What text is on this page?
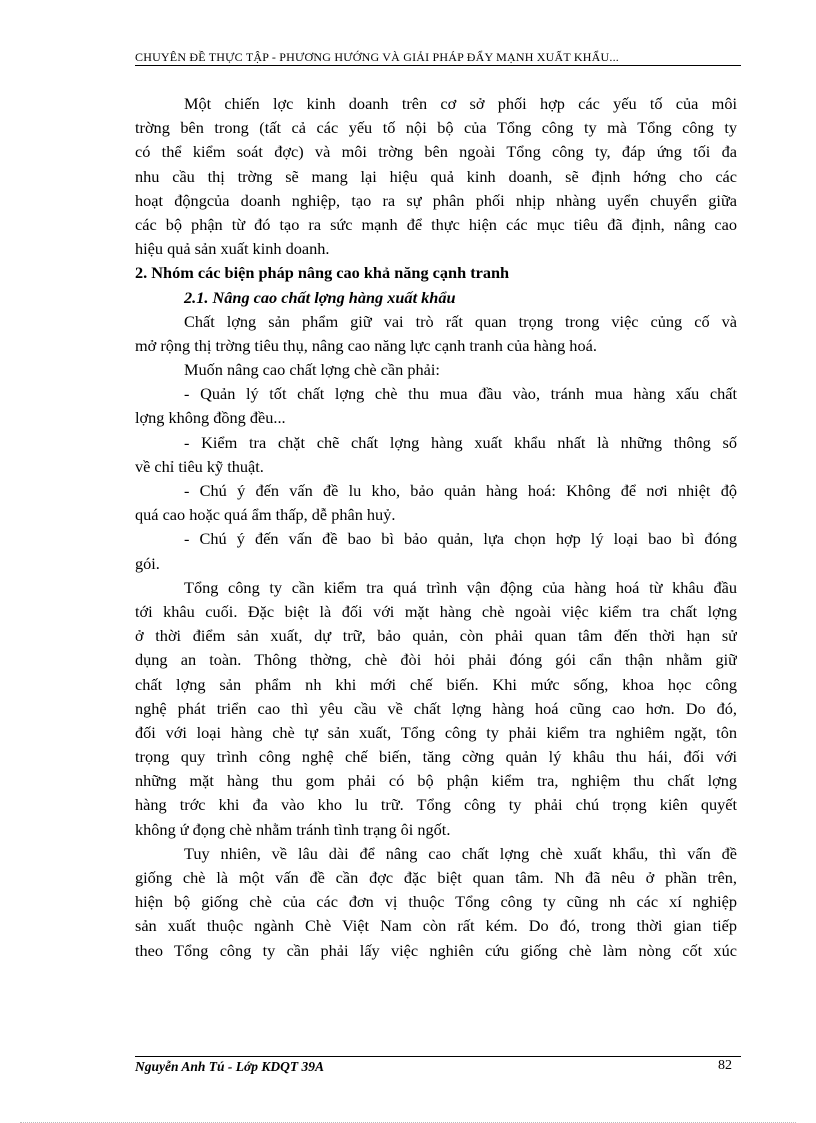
CHUYÊN ĐỀ THỰC TẬP - PHƯƠNG HƯỚNG VÀ GIẢI PHÁP ĐẨY MẠNH XUẤT KHẨU...
Một chiến lợc kinh doanh trên cơ sở phối hợp các yếu tố của môi
trờng bên trong (tất cả các yếu tố nội bộ của Tổng công ty mà Tổng công ty
có thể kiểm soát đợc) và môi trờng bên ngoài Tổng công ty, đáp ứng tối đa
nhu cầu thị trờng sẽ mang lại hiệu quả kinh doanh, sẽ định hớng cho các
hoạt độngcủa doanh nghiệp, tạo ra sự phân phối nhịp nhàng uyển chuyển giữa
các bộ phận từ đó tạo ra sức mạnh để thực hiện các mục tiêu đã định, nâng cao
hiệu quả sản xuất kinh doanh.
2. Nhóm các biện pháp nâng cao khả năng cạnh tranh
2.1. Nâng cao chất lợng hàng xuất khẩu
Chất lợng sản phẩm giữ vai trò rất quan trọng trong việc củng cố và
mở rộng thị trờng tiêu thụ, nâng cao năng lực cạnh tranh của hàng hoá.
Muốn nâng cao chất lợng chè cần phải:
- Quản lý tốt chất lợng chè thu mua đầu vào, tránh mua hàng xấu chất
lợng không đồng đều...
- Kiểm tra chặt chẽ chất lợng hàng xuất khẩu nhất là những thông số
về chỉ tiêu kỹ thuật.
- Chú ý đến vấn đề lu kho, bảo quản hàng hoá: Không để nơi nhiệt độ
quá cao hoặc quá ẩm thấp, dễ phân huỷ.
- Chú ý đến vấn đề bao bì bảo quản, lựa chọn hợp lý loại bao bì đóng
gói.
Tổng công ty cần kiểm tra quá trình vận động của hàng hoá từ khâu đầu
tới khâu cuối. Đặc biệt là đối với mặt hàng chè ngoài việc kiểm tra chất lợng
ở thời điểm sản xuất, dự trữ, bảo quản, còn phải quan tâm đến thời hạn sử
dụng an toàn. Thông thờng, chè đòi hỏi phải đóng gói cẩn thận nhằm giữ
chất lợng sản phẩm nh khi mới chế biến. Khi mức sống, khoa học công
nghệ phát triển cao thì yêu cầu về chất lợng hàng hoá cũng cao hơn. Do đó,
đối với loại hàng chè tự sản xuất, Tổng công ty phải kiểm tra nghiêm ngặt, tôn
trọng quy trình công nghệ chế biến, tăng cờng quản lý khâu thu hái, đối với
những mặt hàng thu gom phải có bộ phận kiểm tra, nghiệm thu chất lợng
hàng trớc khi đa vào kho lu trữ. Tổng công ty phải chú trọng kiên quyết
không ứ đọng chè nhằm tránh tình trạng ôi ngốt.
Tuy nhiên, về lâu dài để nâng cao chất lợng chè xuất khẩu, thì vấn đề
giống chè là một vấn đề cần đợc đặc biệt quan tâm. Nh đã nêu ở phần trên,
hiện bộ giống chè của các đơn vị thuộc Tổng công ty cũng nh các xí nghiệp
sản xuất thuộc ngành Chè Việt Nam còn rất kém. Do đó, trong thời gian tiếp
theo Tổng công ty cần phải lấy việc nghiên cứu giống chè làm nòng cốt xúc
Nguyễn Anh Tú - Lớp KDQT 39A	82
